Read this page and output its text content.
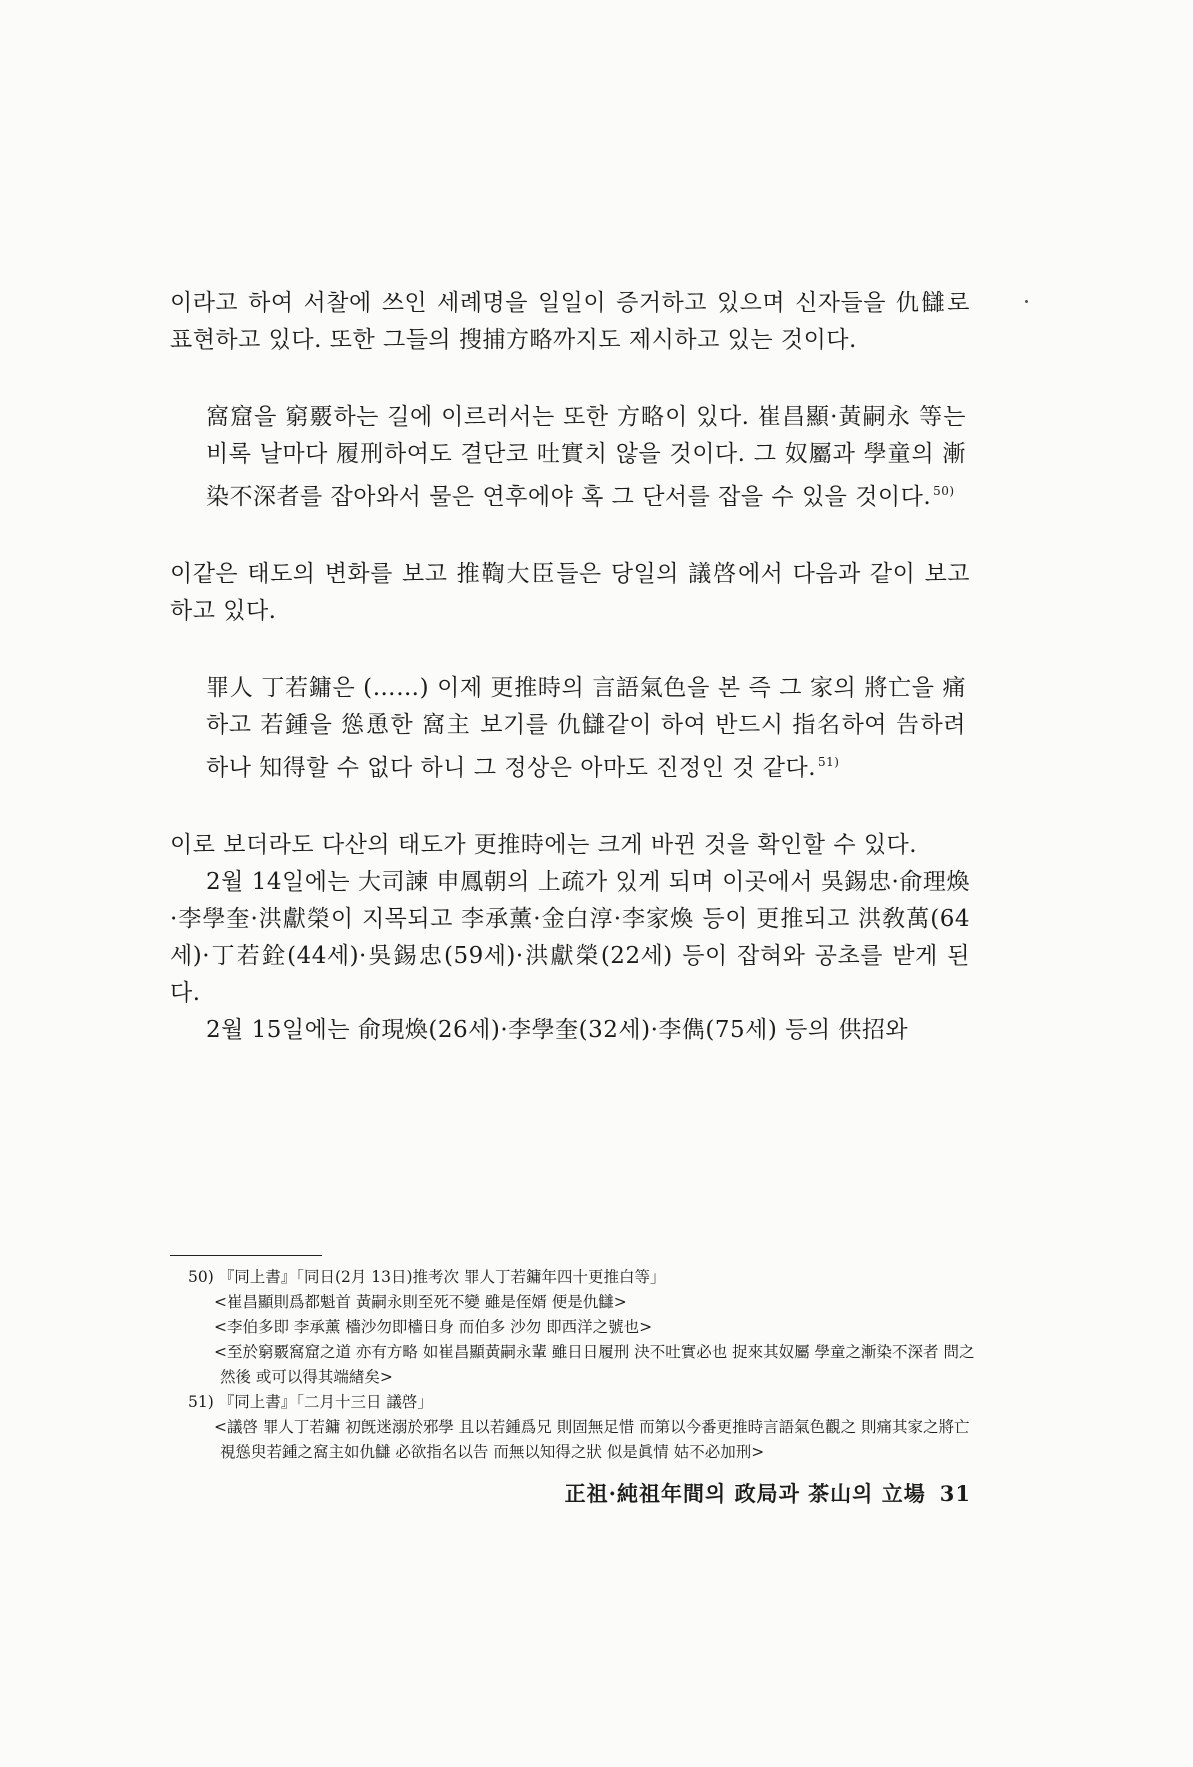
이라고 하여 서찰에 쓰인 세례명을 일일이 증거하고 있으며 신자들을 仇讎로 표현하고 있다. 또한 그들의 搜捕方略까지도 제시하고 있는 것이다.

窩窟을 窮覈하는 길에 이르러서는 또한 方略이 있다. 崔昌顯·黃嗣永 等는 비록 날마다 履刑하여도 결단코 吐實치 않을 것이다. 그 奴屬과 學童의 漸染不深者를 잡아와서 물은 연후에야 혹 그 단서를 잡을 수 있을 것이다. $^{50)}$

이같은 태도의 변화를 보고 推鞫大臣들은 당일의 議啓에서 다음과 같이 보고하고 있다.

罪人 丁若鏞은 (……) 이제 更推時의 言語氣色을 본 즉 그 家의 將亡을 痛하고 若鍾을 慫恿한 窩主 보기를 仇讎같이 하여 반드시 指名하여 告하려 하나 知得할 수 없다 하니 그 정상은 아마도 진정인 것 같다. $^{51)}$

이로 보더라도 다산의 태도가 更推時에는 크게 바뀐 것을 확인할 수 있다.

2월 14일에는 大司諫 申鳳朝의 上疏가 있게 되며 이곳에서 吳錫忠·俞理煥·李學奎·洪獻榮이 지목되고 李承薰·金白淳·李家煥 등이 更推되고 洪敎萬(64세)·丁若銓(44세)·吳錫忠(59세)·洪獻榮(22세) 등이 잡혀와 공초를 받게 된다.

2월 15일에는 俞現煥(26세)·李學奎(32세)·李儁(75세) 등의 供招와

50) 『同上書』「同日(2月 13日)推考次 罪人丁若鏞年四十更推白等」

<崔昌顯則爲都魁首 黃嗣永則至死不變 雖是侄婿 便是仇讎>

<李伯多即 李承薰 檣沙勿即檣日身 而伯多 沙勿 即西洋之號也>

<至於窮覈窩窟之道 亦有方略 如崔昌顯黃嗣永輩 雖日日履刑 決不吐實必也 捉來其奴屬 學童之漸染不深者 問之然後 或可以得其端緖矣>

51) 『同上書』「二月十三日 議啓」

<議啓 罪人丁若鏞 初旣迷溺於邪學 且以若鍾爲兄 則固無足惜 而第以今番更推時言語氣色觀之 則痛其家之將亡 視慫臾若鍾之窩主如仇讎 必欲指名以告 而無以知得之狀 似是眞情 姑不必加刑>

正祖·純祖年間의 政局과 茶山의 立場 31
